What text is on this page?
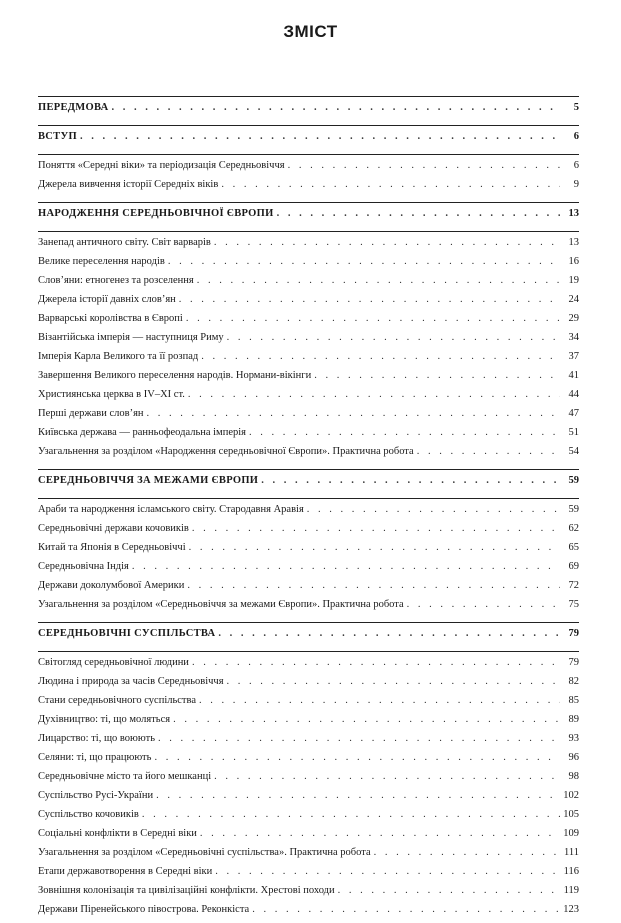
ЗМІСТ
ПЕРЕДМОВА . . .	5
ВСТУП . . .	6
Поняття «Середні віки» та періодизація Середньовіччя . . .	6
Джерела вивчення історії Середніх віків . . .	9
НАРОДЖЕННЯ СЕРЕДНЬОВІЧНОЇ ЄВРОПИ . . .	13
Занепад античного світу. Світ варварів . . .	13
Велике переселення народів . . .	16
Слов’яни: етногенез та розселення . . .	19
Джерела історії давніх слов’ян . . .	24
Варварські королівства в Європі . . .	29
Візантійська імперія — наступниця Риму . . .	34
Імперія Карла Великого та її розпад . . .	37
Завершення Великого переселення народів. Нормани-вікінги . . .	41
Християнська церква в IV–XI ст. . . .	44
Перші держави слов’ян . . .	47
Київська держава — ранньофеодальна імперія . . .	51
Узагальнення за розділом «Народження середньовічної Європи». Практична робота . . .	54
СЕРЕДНЬОВІЧЧЯ ЗА МЕЖАМИ ЄВРОПИ . . .	59
Араби та народження ісламського світу. Стародавня Аравія . . .	59
Середньовічні держави кочовиків . . .	62
Китай та Японія в Середньовіччі . . .	65
Середньовічна Індія . . .	69
Держави доколумбової Америки . . .	72
Узагальнення за розділом «Середньовіччя за межами Європи». Практична робота . . .	75
СЕРЕДНЬОВІЧНІ СУСПІЛЬСТВА . . .	79
Світогляд середньовічної людини . . .	79
Людина і природа за часів Середньовіччя . . .	82
Стани середньовічного суспільства . . .	85
Духівництво: ті, що моляться . . .	89
Лицарство: ті, що воюють . . .	93
Селяни: ті, що працюють . . .	96
Середньовічне місто та його мешканці . . .	98
Суспільство Русі-України . . .	102
Суспільство кочовиків . . .	105
Соціальні конфлікти в Середні віки . . .	109
Узагальнення за розділом «Середньовічні суспільства». Практична робота . . .	111
Етапи державотворення в Середні віки . . .	116
Зовнішня колонізація та цивілізаційні конфлікти. Хрестові походи . . .	119
Держави Піренейського півострова. Реконкіста . . .	123
